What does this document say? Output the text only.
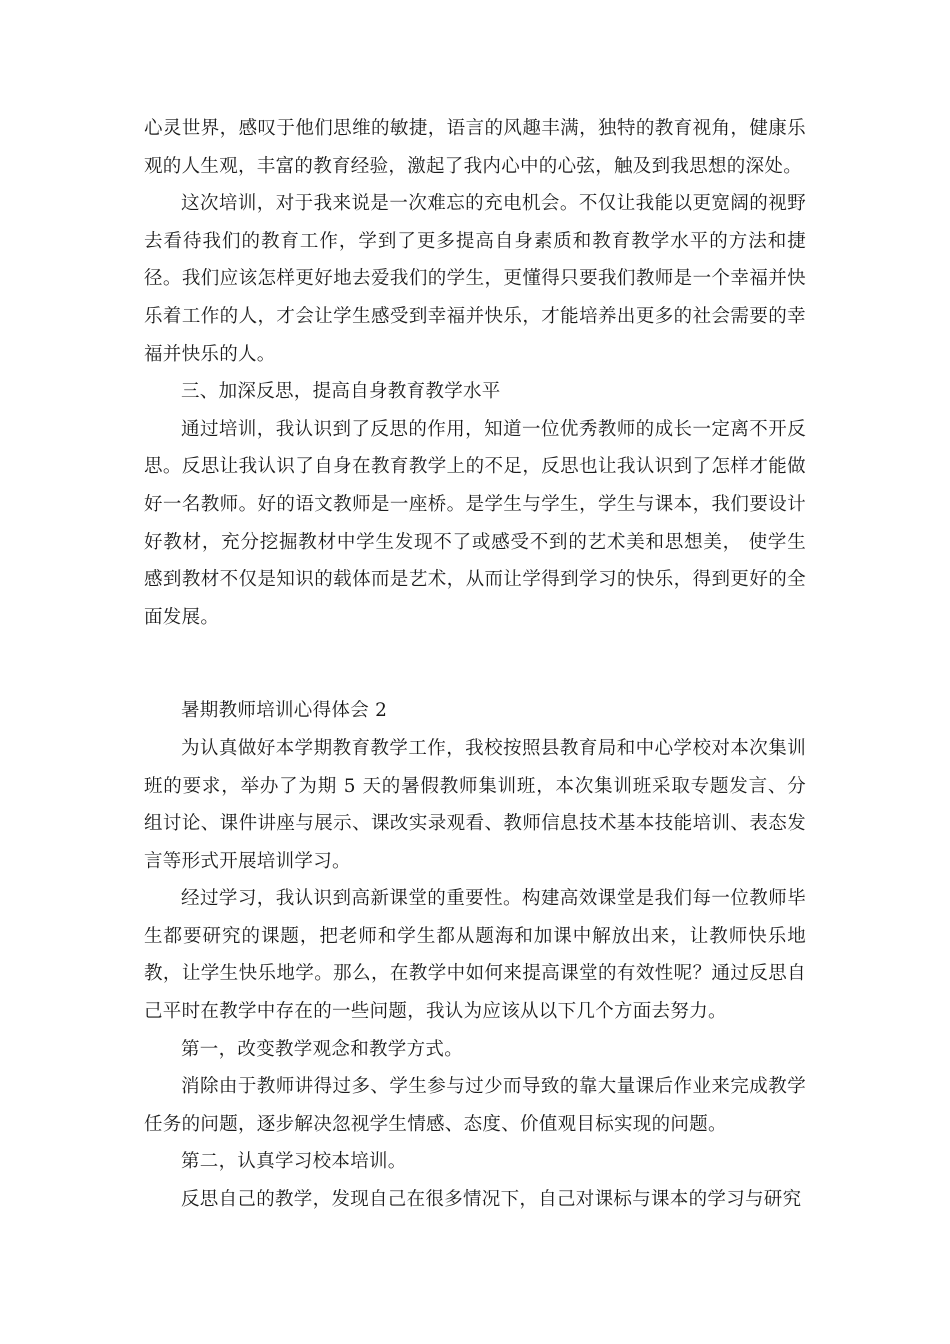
心灵世界，感叹于他们思维的敏捷，语言的风趣丰满，独特的教育视角，健康乐观的人生观，丰富的教育经验，激起了我内心中的心弦，触及到我思想的深处。

这次培训，对于我来说是一次难忘的充电机会。不仅让我能以更宽阔的视野去看待我们的教育工作，学到了更多提高自身素质和教育教学水平的方法和捷径。我们应该怎样更好地去爱我们的学生，更懂得只要我们教师是一个幸福并快乐着工作的人，才会让学生感受到幸福并快乐，才能培养出更多的社会需要的幸福并快乐的人。

三、加深反思，提高自身教育教学水平

通过培训，我认识到了反思的作用，知道一位优秀教师的成长一定离不开反思。反思让我认识了自身在教育教学上的不足，反思也让我认识到了怎样才能做好一名教师。好的语文教师是一座桥。是学生与学生，学生与课本，我们要设计好教材，充分挖掘教材中学生发现不了或感受不到的艺术美和思想美， 使学生感到教材不仅是知识的载体而是艺术，从而让学得到学习的快乐，得到更好的全面发展。

暑期教师培训心得体会 2

为认真做好本学期教育教学工作，我校按照县教育局和中心学校对本次集训班的要求，举办了为期 5 天的暑假教师集训班，本次集训班采取专题发言、分组讨论、课件讲座与展示、课改实录观看、教师信息技术基本技能培训、表态发言等形式开展培训学习。

经过学习，我认识到高新课堂的重要性。构建高效课堂是我们每一位教师毕生都要研究的课题，把老师和学生都从题海和加课中解放出来，让教师快乐地教，让学生快乐地学。那么，在教学中如何来提高课堂的有效性呢？通过反思自己平时在教学中存在的一些问题，我认为应该从以下几个方面去努力。

第一，改变教学观念和教学方式。

消除由于教师讲得过多、学生参与过少而导致的靠大量课后作业来完成教学任务的问题，逐步解决忽视学生情感、态度、价值观目标实现的问题。

第二，认真学习校本培训。

反思自己的教学，发现自己在很多情况下，自己对课标与课本的学习与研究
